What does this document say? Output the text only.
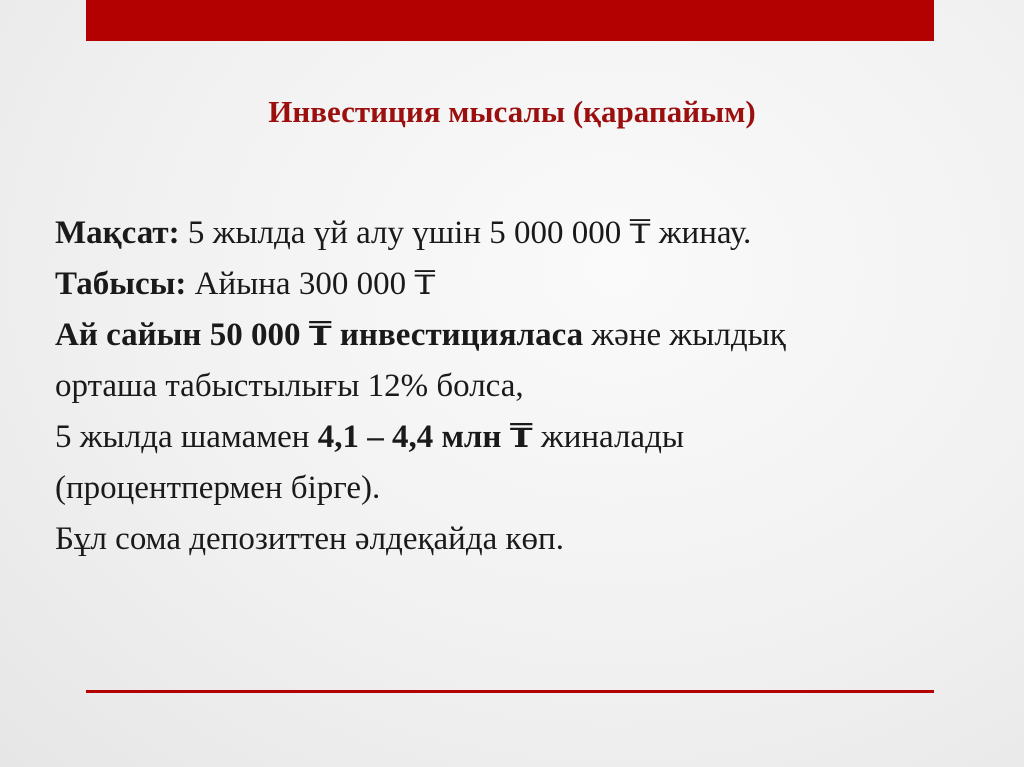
Инвестиция мысалы (қарапайым)
Мақсат: 5 жылда үй алу үшін 5 000 000 ₸ жинау.
Табысы: Айына 300 000 ₸
Ай сайын 50 000 ₸ инвестицияласа және жылдық
орташа табыстылығы 12% болса,
5 жылда шамамен 4,1 – 4,4 млн ₸ жиналады
(процентпермен бірге).
Бұл сома депозиттен әлдеқайда көп.
